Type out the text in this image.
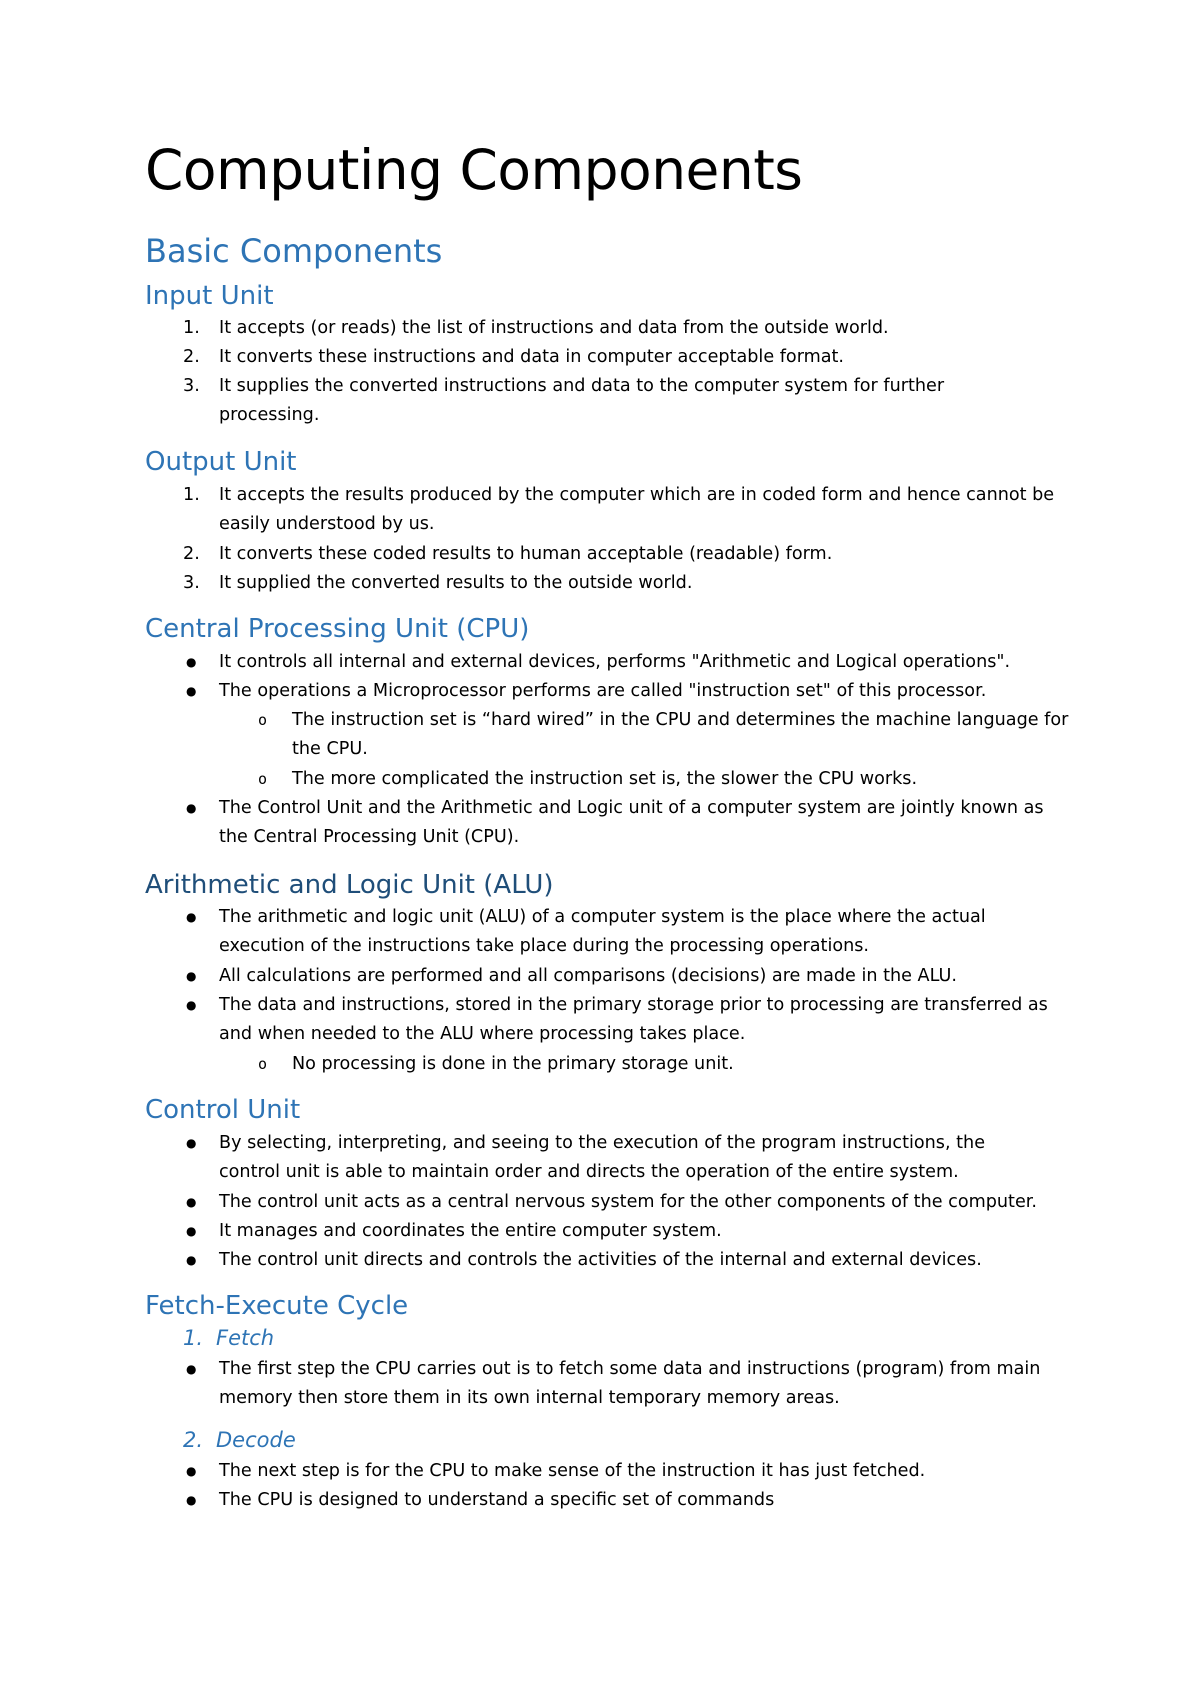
Computing Components
Basic Components
Input Unit
1. It accepts (or reads) the list of instructions and data from the outside world.
2. It converts these instructions and data in computer acceptable format.
3. It supplies the converted instructions and data to the computer system for further processing.
Output Unit
1. It accepts the results produced by the computer which are in coded form and hence cannot be easily understood by us.
2. It converts these coded results to human acceptable (readable) form.
3. It supplied the converted results to the outside world.
Central Processing Unit (CPU)
● It controls all internal and external devices, performs "Arithmetic and Logical operations".
● The operations a Microprocessor performs are called "instruction set" of this processor.
o The instruction set is “hard wired” in the CPU and determines the machine language for the CPU.
o The more complicated the instruction set is, the slower the CPU works.
● The Control Unit and the Arithmetic and Logic unit of a computer system are jointly known as the Central Processing Unit (CPU).
Arithmetic and Logic Unit (ALU)
● The arithmetic and logic unit (ALU) of a computer system is the place where the actual execution of the instructions take place during the processing operations.
● All calculations are performed and all comparisons (decisions) are made in the ALU.
● The data and instructions, stored in the primary storage prior to processing are transferred as and when needed to the ALU where processing takes place.
o No processing is done in the primary storage unit.
Control Unit
● By selecting, interpreting, and seeing to the execution of the program instructions, the control unit is able to maintain order and directs the operation of the entire system.
● The control unit acts as a central nervous system for the other components of the computer.
● It manages and coordinates the entire computer system.
● The control unit directs and controls the activities of the internal and external devices.
Fetch-Execute Cycle
1. Fetch
● The first step the CPU carries out is to fetch some data and instructions (program) from main memory then store them in its own internal temporary memory areas.
2. Decode
● The next step is for the CPU to make sense of the instruction it has just fetched.
● The CPU is designed to understand a specific set of commands
